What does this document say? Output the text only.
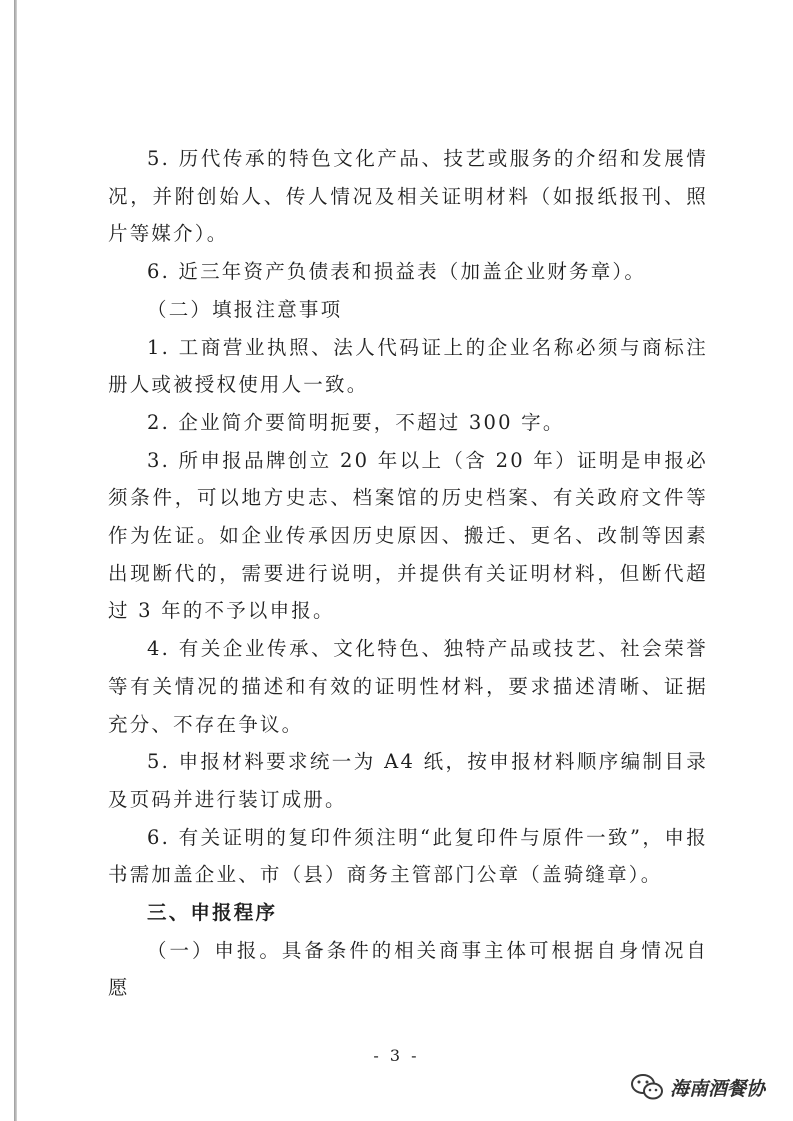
5. 历代传承的特色文化产品、技艺或服务的介绍和发展情况，并附创始人、传人情况及相关证明材料（如报纸报刊、照片等媒介）。

6. 近三年资产负债表和损益表（加盖企业财务章）。

（二）填报注意事项

1. 工商营业执照、法人代码证上的企业名称必须与商标注册人或被授权使用人一致。

2. 企业简介要简明扼要，不超过 300 字。

3. 所申报品牌创立 20 年以上（含 20 年）证明是申报必须条件，可以地方史志、档案馆的历史档案、有关政府文件等作为佐证。如企业传承因历史原因、搬迁、更名、改制等因素出现断代的，需要进行说明，并提供有关证明材料，但断代超过 3 年的不予以申报。

4. 有关企业传承、文化特色、独特产品或技艺、社会荣誉等有关情况的描述和有效的证明性材料，要求描述清晰、证据充分、不存在争议。

5. 申报材料要求统一为 A4 纸，按申报材料顺序编制目录及页码并进行装订成册。

6. 有关证明的复印件须注明“此复印件与原件一致”，申报书需加盖企业、市（县）商务主管部门公章（盖骑缝章）。

三、申报程序

（一）申报。具备条件的相关商事主体可根据自身情况自愿

- 3 -
海南酒餐协
